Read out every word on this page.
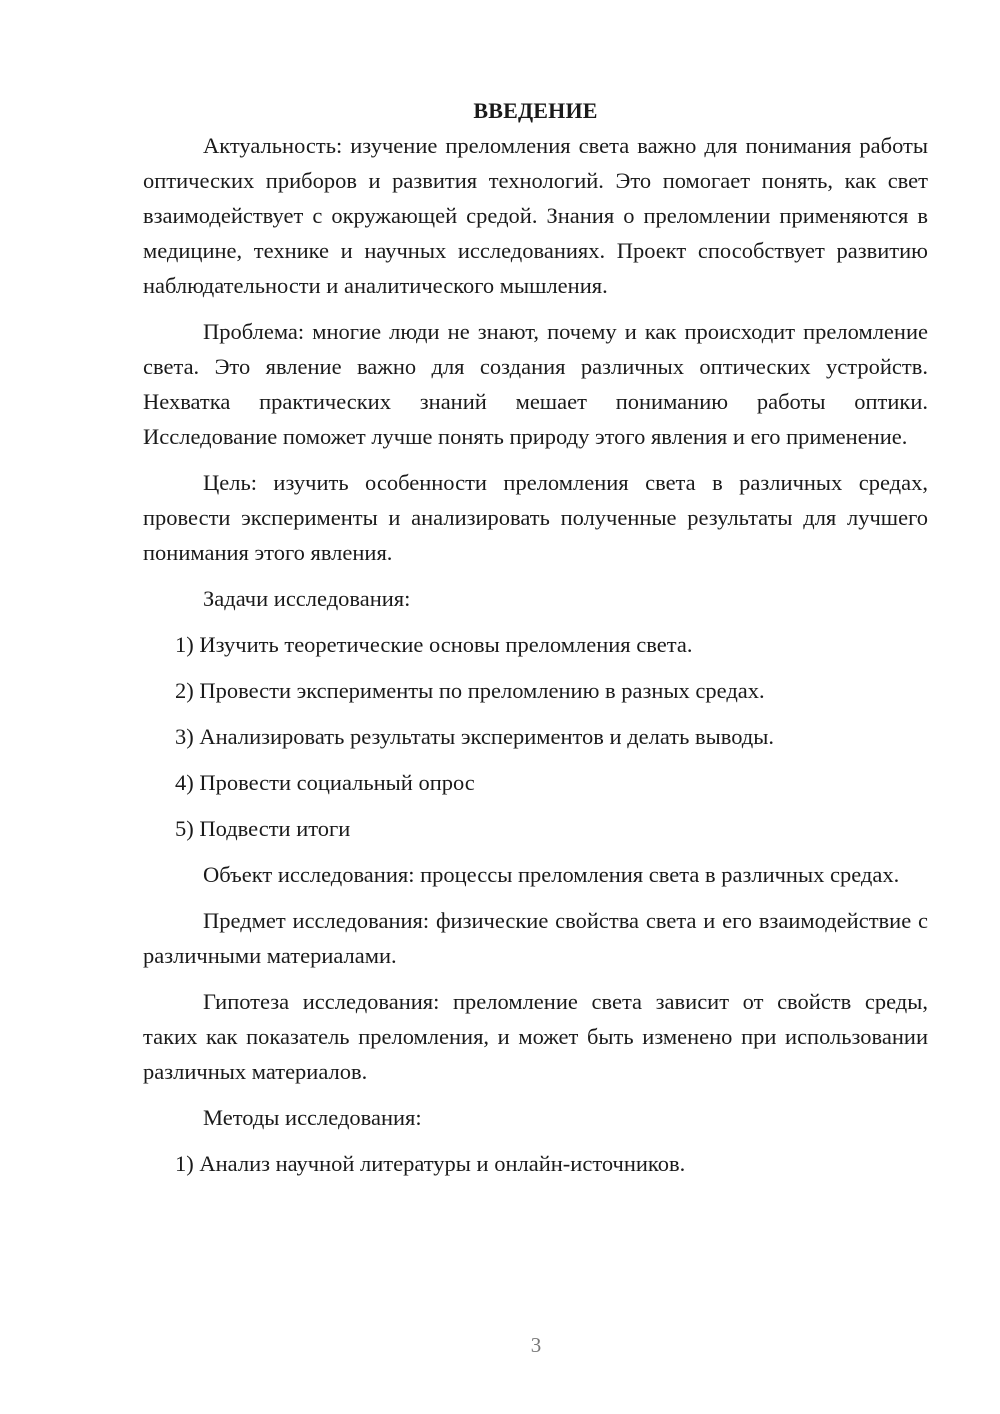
ВВЕДЕНИЕ

Актуальность: изучение преломления света важно для понимания работы оптических приборов и развития технологий. Это помогает понять, как свет взаимодействует с окружающей средой. Знания о преломлении применяются в медицине, технике и научных исследованиях. Проект способствует развитию наблюдательности и аналитического мышления.

Проблема: многие люди не знают, почему и как происходит преломление света. Это явление важно для создания различных оптических устройств. Нехватка практических знаний мешает пониманию работы оптики. Исследование поможет лучше понять природу этого явления и его применение.

Цель: изучить особенности преломления света в различных средах, провести эксперименты и анализировать полученные результаты для лучшего понимания этого явления.

Задачи исследования:

1) Изучить теоретические основы преломления света.

2) Провести эксперименты по преломлению в разных средах.

3) Анализировать результаты экспериментов и делать выводы.

4) Провести социальный опрос

5) Подвести итоги

Объект исследования: процессы преломления света в различных средах.

Предмет исследования: физические свойства света и его взаимодействие с различными материалами.

Гипотеза исследования: преломление света зависит от свойств среды, таких как показатель преломления, и может быть изменено при использовании различных материалов.

Методы исследования:

1) Анализ научной литературы и онлайн-источников.

3
